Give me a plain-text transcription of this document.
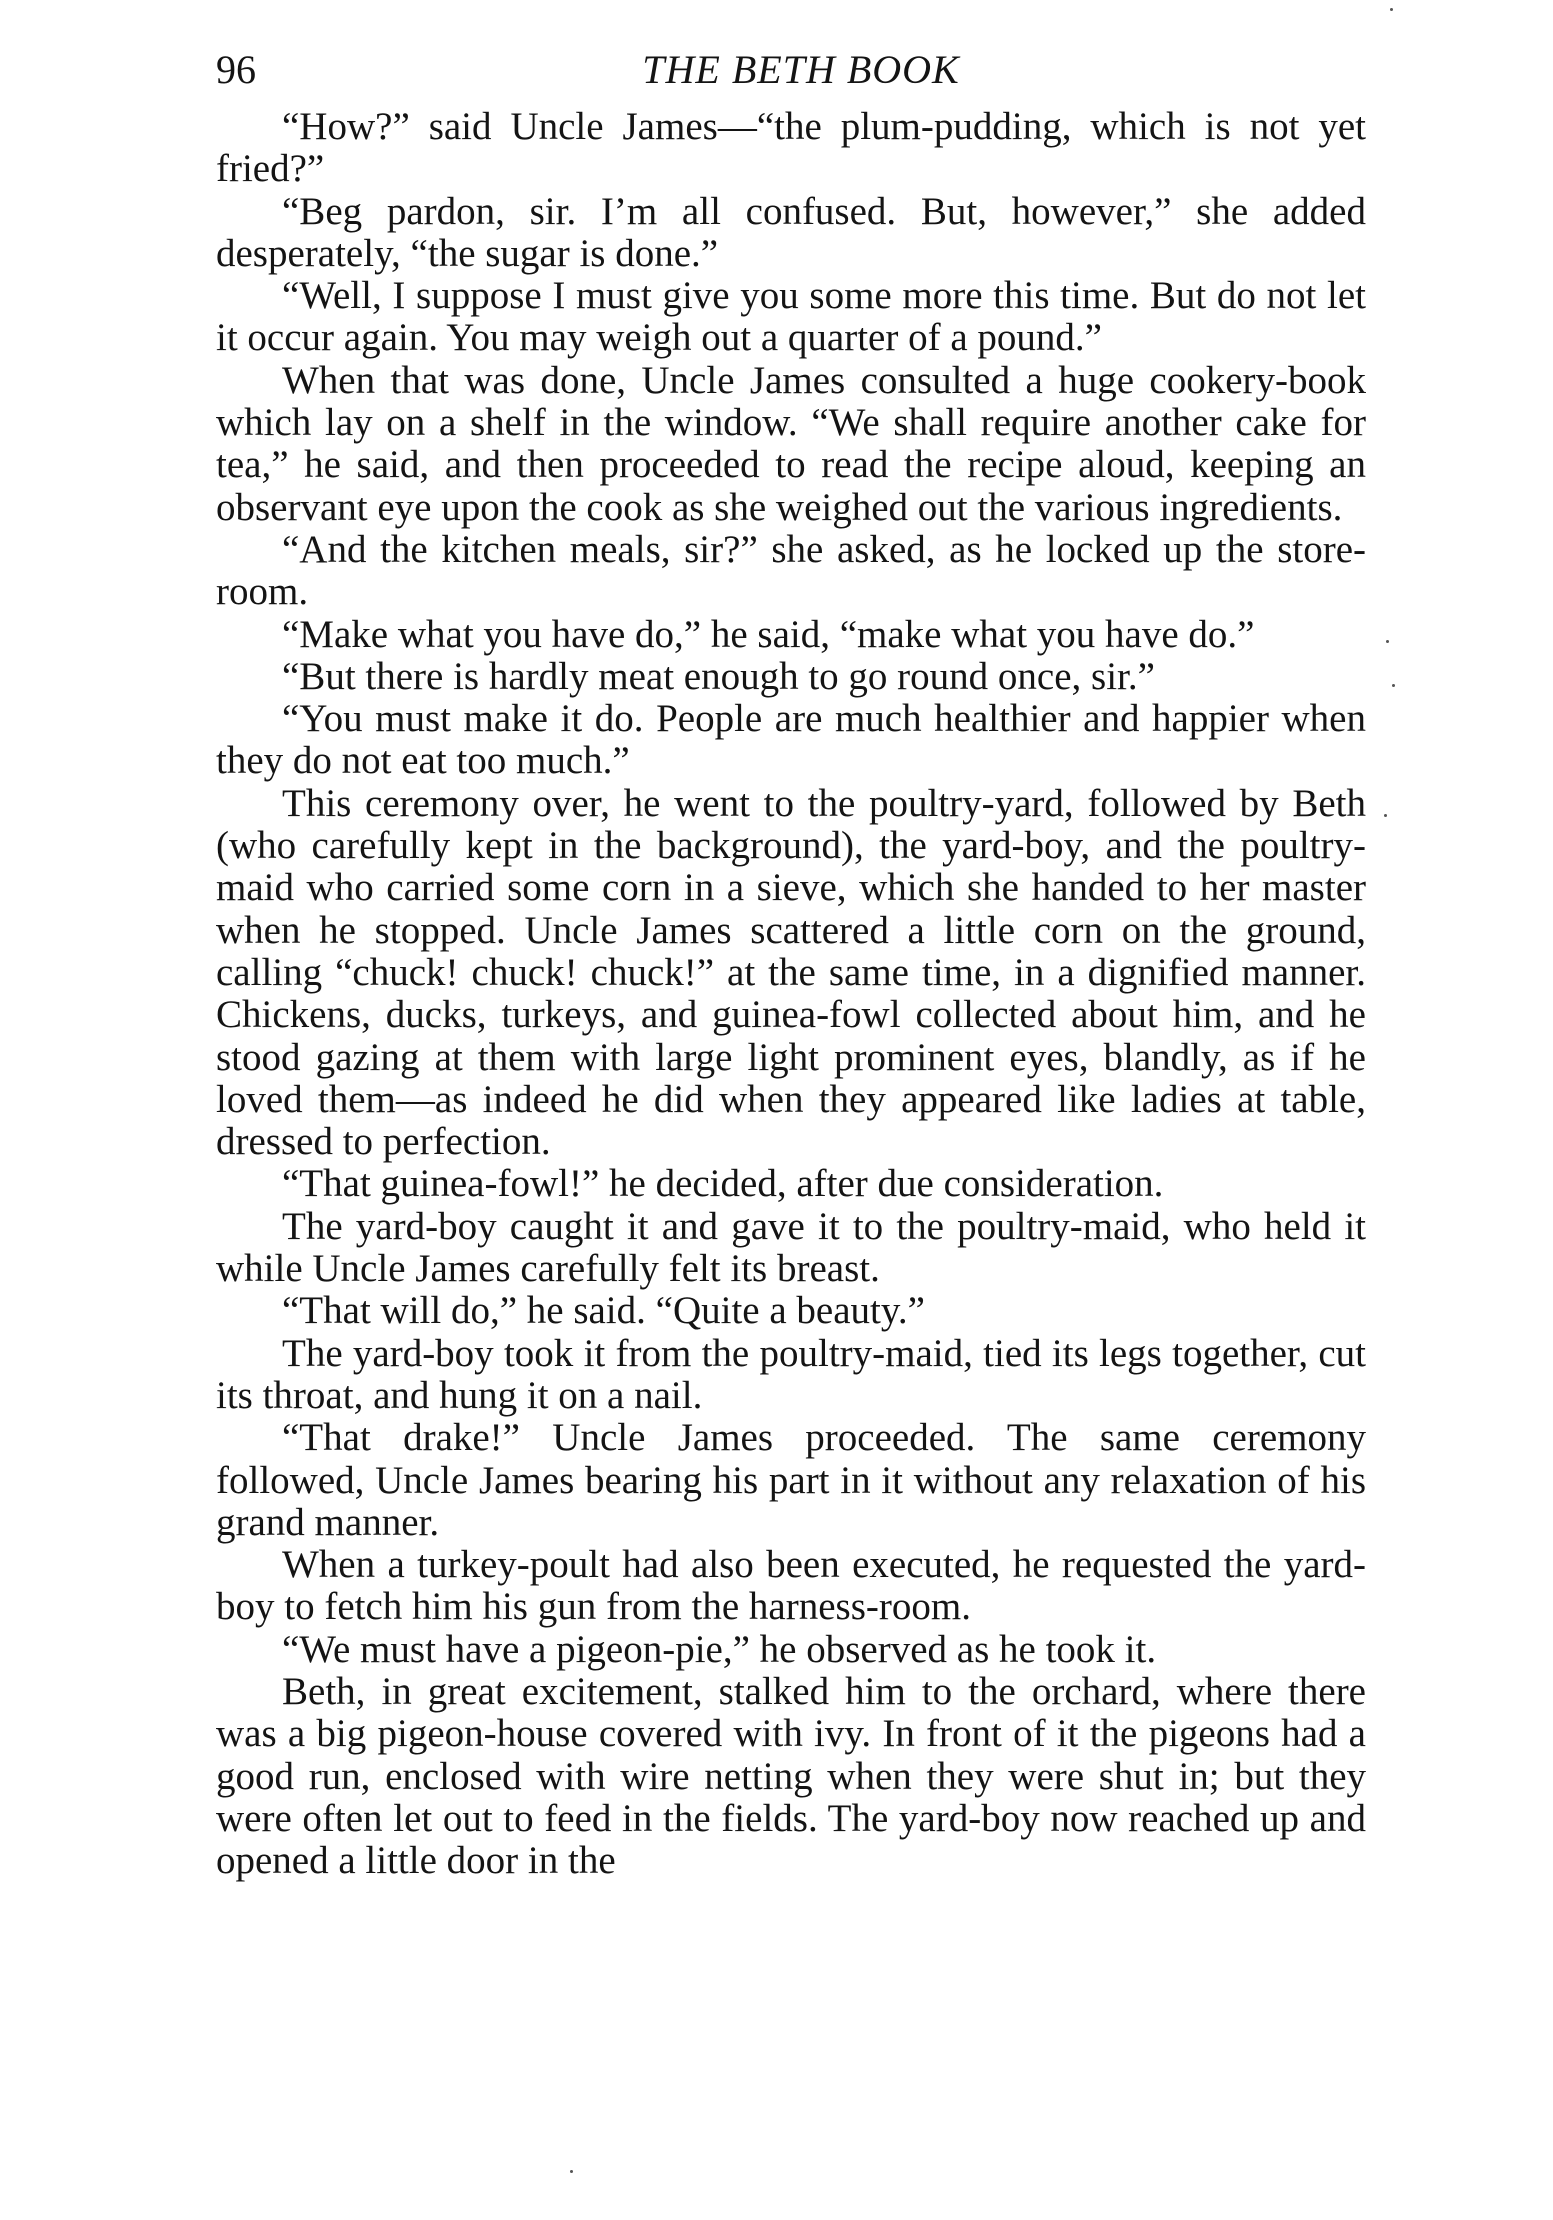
96	THE BETH BOOK

“How?” said Uncle James—“the plum-pudding, which is not yet fried?”

“Beg pardon, sir. I’m all confused. But, however,” she added desperately, “the sugar is done.”

“Well, I suppose I must give you some more this time. But do not let it occur again. You may weigh out a quarter of a pound.”

When that was done, Uncle James consulted a huge cookery-book which lay on a shelf in the window. “We shall require another cake for tea,” he said, and then proceeded to read the recipe aloud, keeping an observant eye upon the cook as she weighed out the various ingredients.

“And the kitchen meals, sir?” she asked, as he locked up the store-room.

“Make what you have do,” he said, “make what you have do.”

“But there is hardly meat enough to go round once, sir.”

“You must make it do. People are much healthier and happier when they do not eat too much.”

This ceremony over, he went to the poultry-yard, followed by Beth (who carefully kept in the background), the yard-boy, and the poultry-maid who carried some corn in a sieve, which she handed to her master when he stopped. Uncle James scattered a little corn on the ground, calling “chuck! chuck! chuck!” at the same time, in a dignified manner. Chickens, ducks, turkeys, and guinea-fowl collected about him, and he stood gazing at them with large light prominent eyes, blandly, as if he loved them—as indeed he did when they appeared like ladies at table, dressed to perfection.

“That guinea-fowl!” he decided, after due consideration.

The yard-boy caught it and gave it to the poultry-maid, who held it while Uncle James carefully felt its breast.

“That will do,” he said. “Quite a beauty.”

The yard-boy took it from the poultry-maid, tied its legs together, cut its throat, and hung it on a nail.

“That drake!” Uncle James proceeded. The same ceremony followed, Uncle James bearing his part in it without any relaxation of his grand manner.

When a turkey-poult had also been executed, he requested the yard-boy to fetch him his gun from the harness-room.

“We must have a pigeon-pie,” he observed as he took it.

Beth, in great excitement, stalked him to the orchard, where there was a big pigeon-house covered with ivy. In front of it the pigeons had a good run, enclosed with wire netting when they were shut in; but they were often let out to feed in the fields. The yard-boy now reached up and opened a little door in the
